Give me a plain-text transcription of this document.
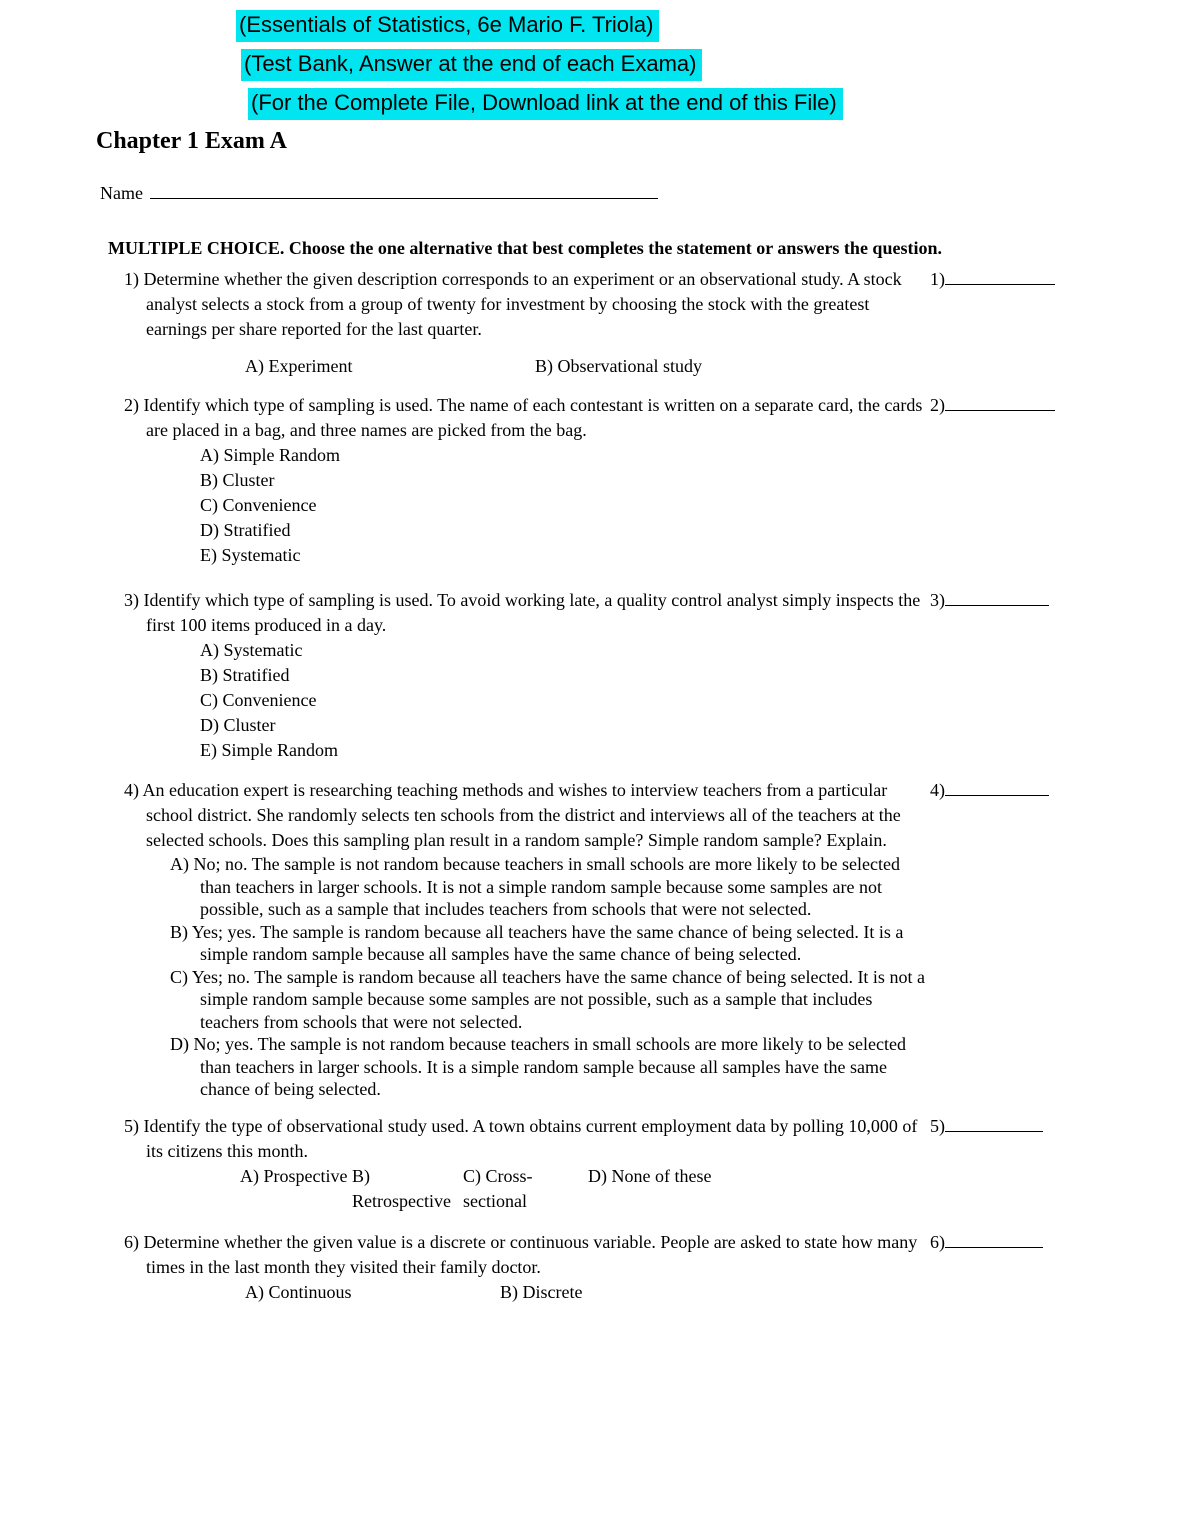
(Essentials of Statistics, 6e Mario F. Triola)
(Test Bank, Answer at the end of each Exama)
(For the Complete File, Download link at the end of this File)
Chapter 1 Exam A
Name

MULTIPLE CHOICE. Choose the one alternative that best completes the statement or answers the question.

1) Determine whether the given description corresponds to an experiment or an observational study. A stock analyst selects a stock from a group of twenty for investment by choosing the stock with the greatest earnings per share reported for the last quarter.

A) Experiment	B) Observational study

1)

2) Identify which type of sampling is used. The name of each contestant is written on a separate card, the cards are placed in a bag, and three names are picked from the bag.

A) Simple Random

B) Cluster

C) Convenience

D) Stratified

E) Systematic

2)

3) Identify which type of sampling is used. To avoid working late, a quality control analyst simply inspects the first 100 items produced in a day.

A) Systematic

B) Stratified

C) Convenience

D) Cluster

E) Simple Random

3)

4) An education expert is researching teaching methods and wishes to interview teachers from a particular school district. She randomly selects ten schools from the district and interviews all of the teachers at the selected schools. Does this sampling plan result in a random sample? Simple random sample? Explain.

A) No; no. The sample is not random because teachers in small schools are more likely to be selected than teachers in larger schools. It is not a simple random sample because some samples are not possible, such as a sample that includes teachers from schools that were not selected.

B) Yes; yes. The sample is random because all teachers have the same chance of being selected. It is a simple random sample because all samples have the same chance of being selected.

C) Yes; no. The sample is random because all teachers have the same chance of being selected. It is not a simple random sample because some samples are not possible, such as a sample that includes teachers from schools that were not selected.

D) No; yes. The sample is not random because teachers in small schools are more likely to be selected than teachers in larger schools. It is a simple random sample because all samples have the same chance of being selected.

4)

5) Identify the type of observational study used. A town obtains current employment data by polling 10,000 of its citizens this month.

A) Prospective B) Retrospective

C) Cross-sectional

D) None of these

5)

6) Determine whether the given value is a discrete or continuous variable. People are asked to state how many times in the last month they visited their family doctor.

A) Continuous	B) Discrete

6)
